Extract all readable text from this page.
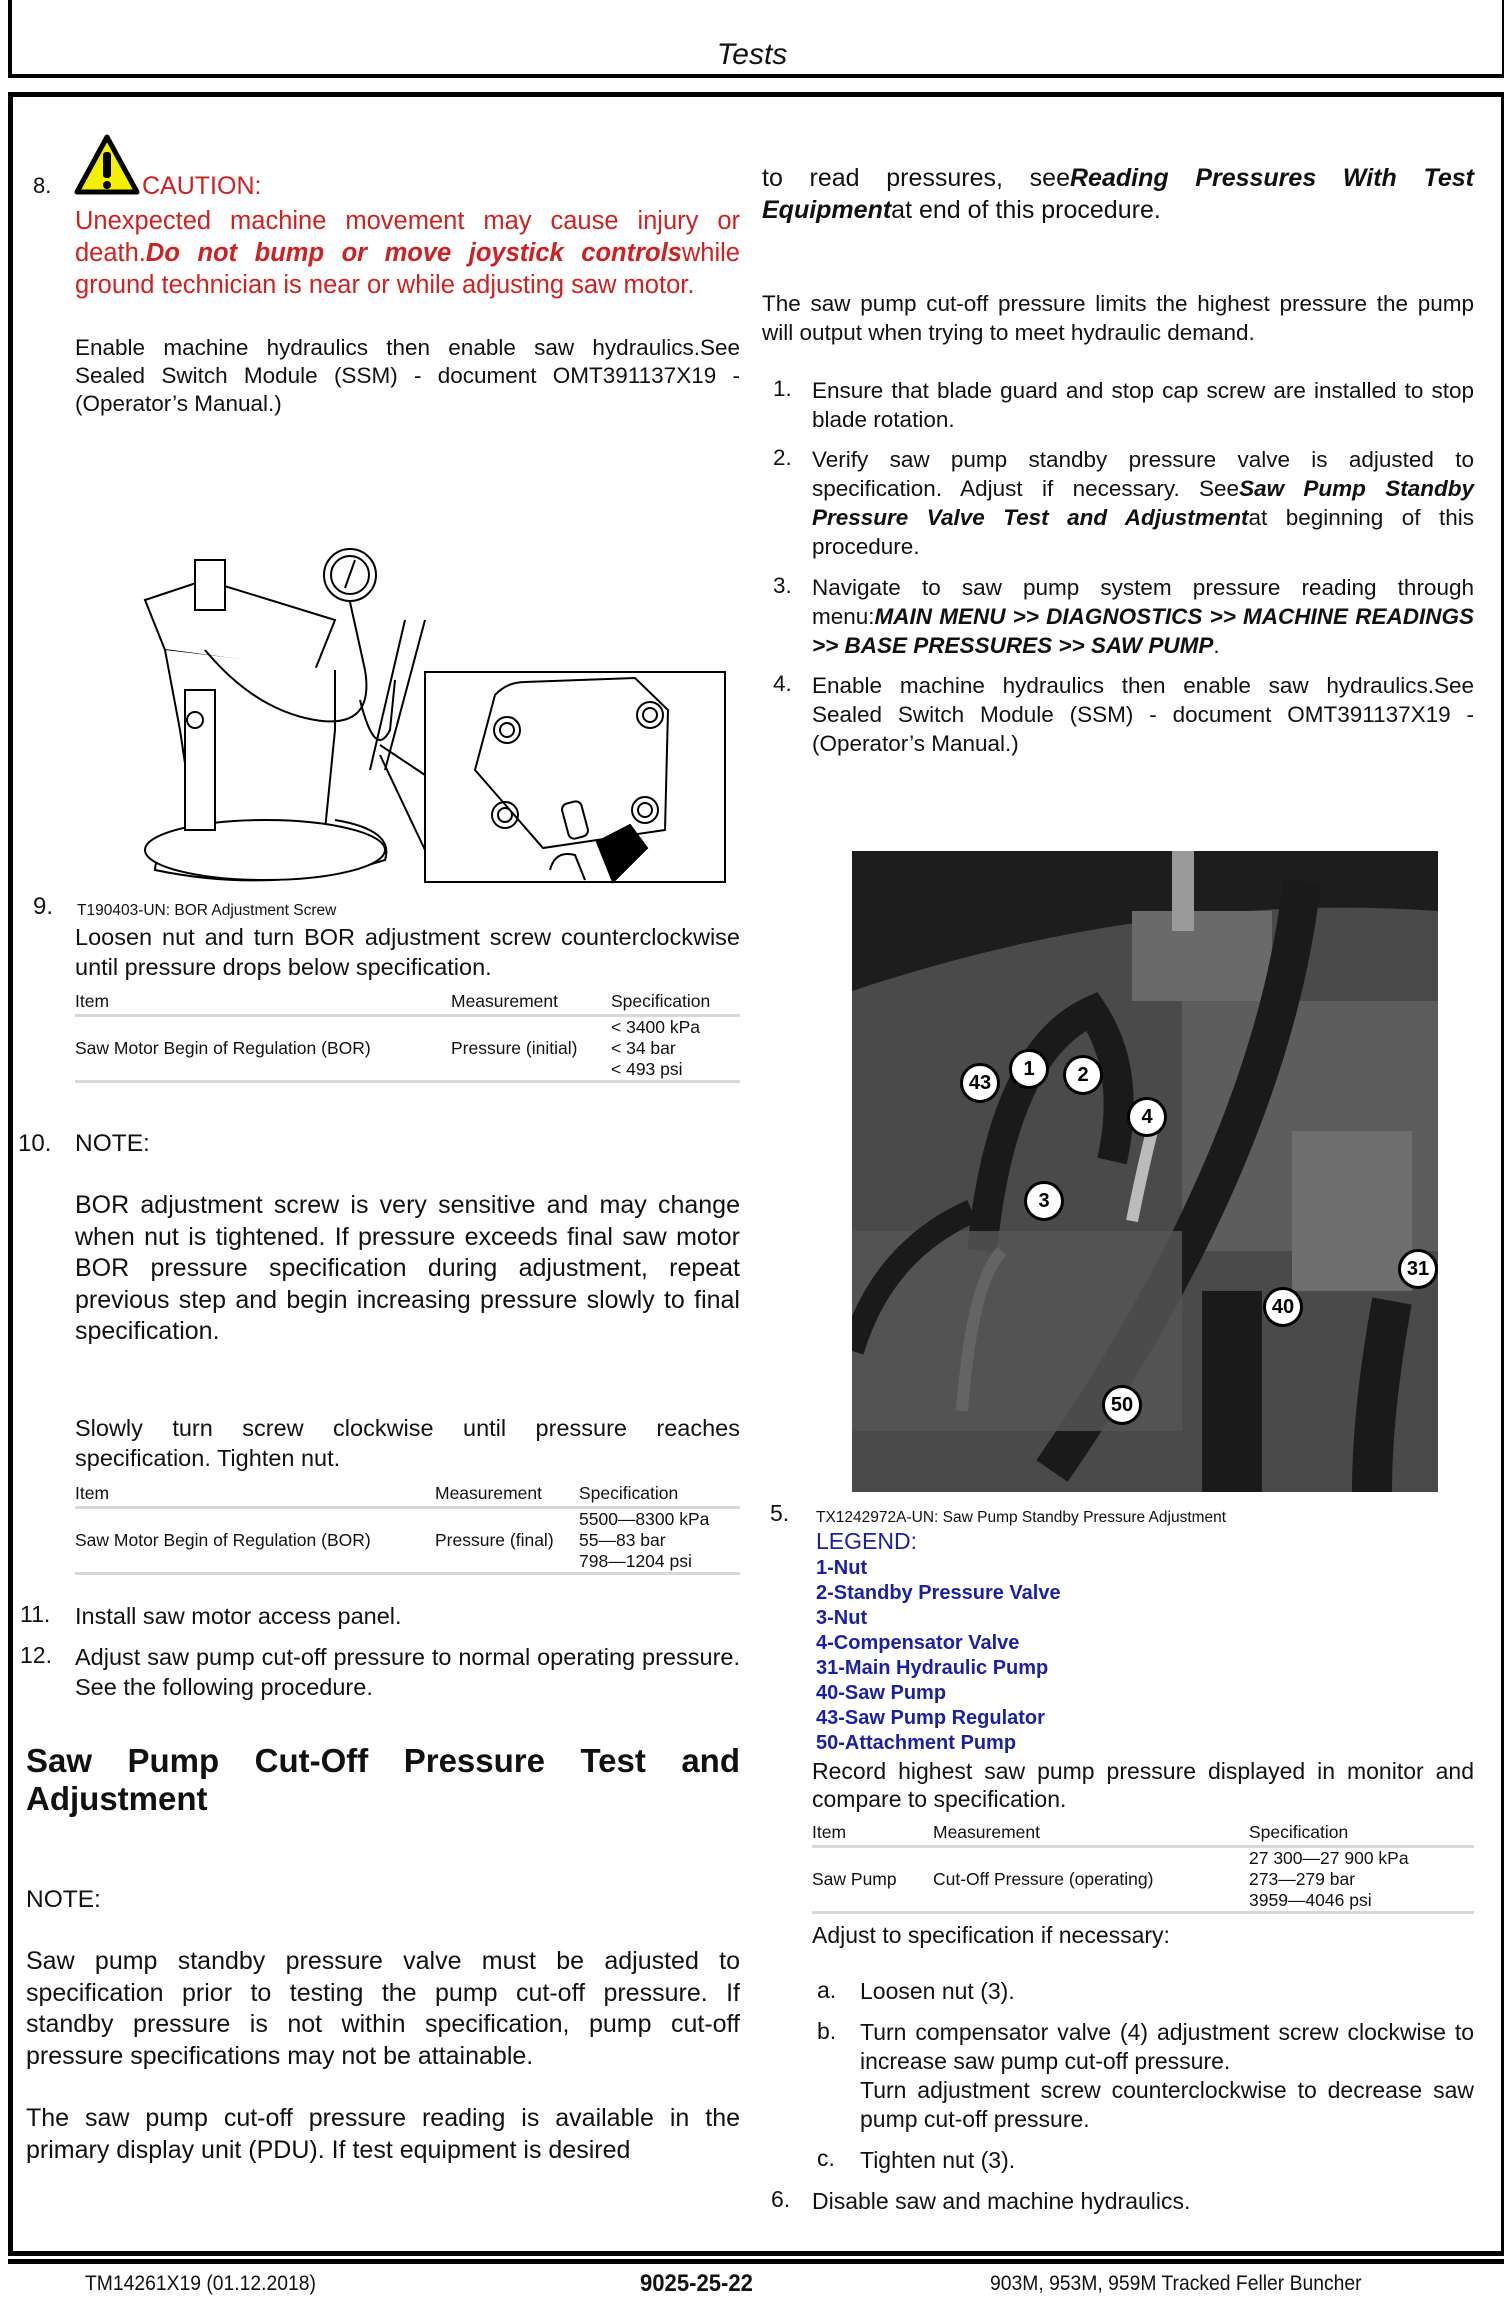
Tests
8.	CAUTION:
Unexpected machine movement may cause injury or death.Do not bump or move joystick controlswhile ground technician is near or while adjusting saw motor.
Enable machine hydraulics then enable saw hydraulics.See Sealed Switch Module (SSM) - document OMT391137X19 - (Operator’s Manual.)
9. T190403-UN: BOR Adjustment Screw
Loosen nut and turn BOR adjustment screw counterclockwise until pressure drops below specification.
Item	Measurement	Specification
Saw Motor Begin of Regulation (BOR)	Pressure (initial)	< 3400 kPa
< 34 bar
< 493 psi
10. NOTE:
BOR adjustment screw is very sensitive and may change when nut is tightened. If pressure exceeds final saw motor BOR pressure specification during adjustment, repeat previous step and begin increasing pressure slowly to final specification.
Slowly turn screw clockwise until pressure reaches specification. Tighten nut.
Item	Measurement	Specification
Saw Motor Begin of Regulation (BOR)	Pressure (final)	5500—8300 kPa
55—83 bar
798—1204 psi
11. Install saw motor access panel.
12. Adjust saw pump cut-off pressure to normal operating pressure. See the following procedure.
Saw Pump Cut-Off Pressure Test and Adjustment
NOTE:
Saw pump standby pressure valve must be adjusted to specification prior to testing the pump cut-off pressure. If standby pressure is not within specification, pump cut-off pressure specifications may not be attainable.
The saw pump cut-off pressure reading is available in the primary display unit (PDU). If test equipment is desired
to read pressures, seeReading Pressures With Test Equipmentat end of this procedure.
The saw pump cut-off pressure limits the highest pressure the pump will output when trying to meet hydraulic demand.
1. Ensure that blade guard and stop cap screw are installed to stop blade rotation.
2. Verify saw pump standby pressure valve is adjusted to specification. Adjust if necessary. SeeSaw Pump Standby Pressure Valve Test and Adjustmentat beginning of this procedure.
3. Navigate to saw pump system pressure reading through menu:MAIN MENU >> DIAGNOSTICS >> MACHINE READINGS >> BASE PRESSURES >> SAW PUMP.
4. Enable machine hydraulics then enable saw hydraulics.See Sealed Switch Module (SSM) - document OMT391137X19 - (Operator’s Manual.)
43
1	2
4
3
31
40
50
5. TX1242972A-UN: Saw Pump Standby Pressure Adjustment
LEGEND:
1-Nut
2-Standby Pressure Valve
3-Nut
4-Compensator Valve
31-Main Hydraulic Pump
40-Saw Pump
43-Saw Pump Regulator
50-Attachment Pump
Record highest saw pump pressure displayed in monitor and compare to specification.
Item	Measurement	Specification
Saw Pump	Cut-Off Pressure (operating)	27 300—27 900 kPa
273—279 bar
3959—4046 psi
Adjust to specification if necessary:
a. Loosen nut (3).
b. Turn compensator valve (4) adjustment screw clockwise to increase saw pump cut-off pressure.
Turn adjustment screw counterclockwise to decrease saw pump cut-off pressure.
c. Tighten nut (3).
6. Disable saw and machine hydraulics.
TM14261X19 (01.12.2018)	9025-25-22	903M, 953M, 959M Tracked Feller Buncher
